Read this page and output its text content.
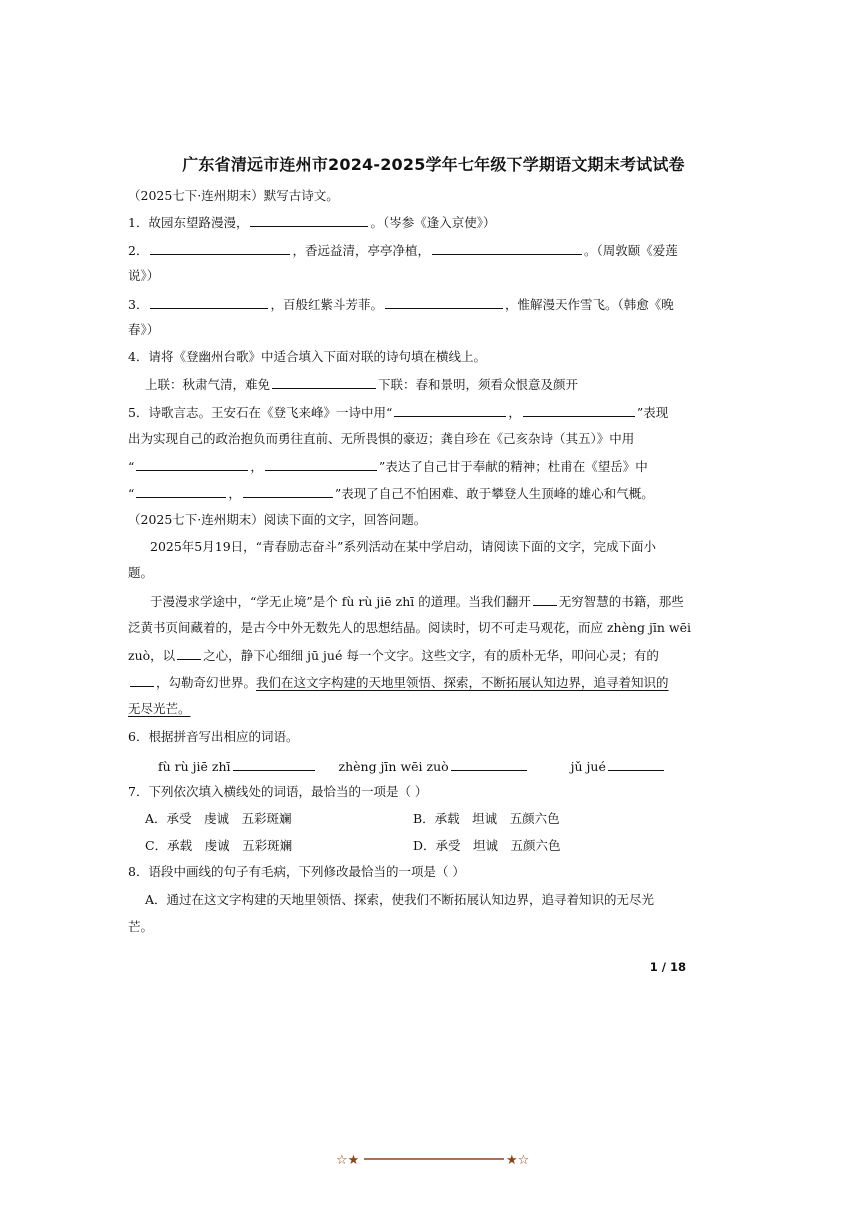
广东省清远市连州市2024-2025学年七年级下学期语文期末考试试卷
（2025七下·连州期末）默写古诗文。
1．故园东望路漫漫，	。（岑参《逢入京使》）
2．	，香远益清，亭亭净植，	。（周敦颐《爱莲
说》）
3．	，百般红紫斗芳菲。	，惟解漫天作雪飞。（韩愈《晚
春》）
4．请将《登幽州台歌》中适合填入下面对联的诗句填在横线上。
上联：秋肃气清，难免	下联：春和景明，须看众恨意及颜开
5．诗歌言志。王安石在《登飞来峰》一诗中用“	，	”表现
出为实现自己的政治抱负而勇往直前、无所畏惧的豪迈；龚自珍在《己亥杂诗（其五）》中用
“	，	”表达了自己甘于奉献的精神；杜甫在《望岳》中
“	，	”表现了自己不怕困难、敢于攀登人生顶峰的雄心和气概。
（2025七下·连州期末）阅读下面的文字，回答问题。
2025年5月19日，“青春励志奋斗”系列活动在某中学启动，请阅读下面的文字，完成下面小
题。
于漫漫求学途中，“学无止境”是个 fù rù jiē zhī 的道理。当我们翻开 无穷智慧的书籍，那些
泛黄书页间藏着的，是古今中外无数先人的思想结晶。阅读时，切不可走马观花，而应 zhèng jīn wēi
zuò，以 之心，静下心细细 jū jué 每一个文字。这些文字，有的质朴无华，叩问心灵；有的
，勾勒奇幻世界。我们在这文字构建的天地里领悟、探索，不断拓展认知边界，追寻着知识的
无尽光芒。
6．根据拼音写出相应的词语。
fù rù jiē zhī	zhèng jīn wēi zuò	jǔ jué
7．下列依次填入横线处的词语，最恰当的一项是（ ）
A．承受　虔诚　五彩斑斓	B．承载　坦诚　五颜六色
C．承载　虔诚　五彩斑斓	D．承受　坦诚　五颜六色
8．语段中画线的句子有毛病，下列修改最恰当的一项是（ ）
A．通过在这文字构建的天地里领悟、探索，使我们不断拓展认知边界，追寻着知识的无尽光
芒。
1 / 18
☆★	★☆
